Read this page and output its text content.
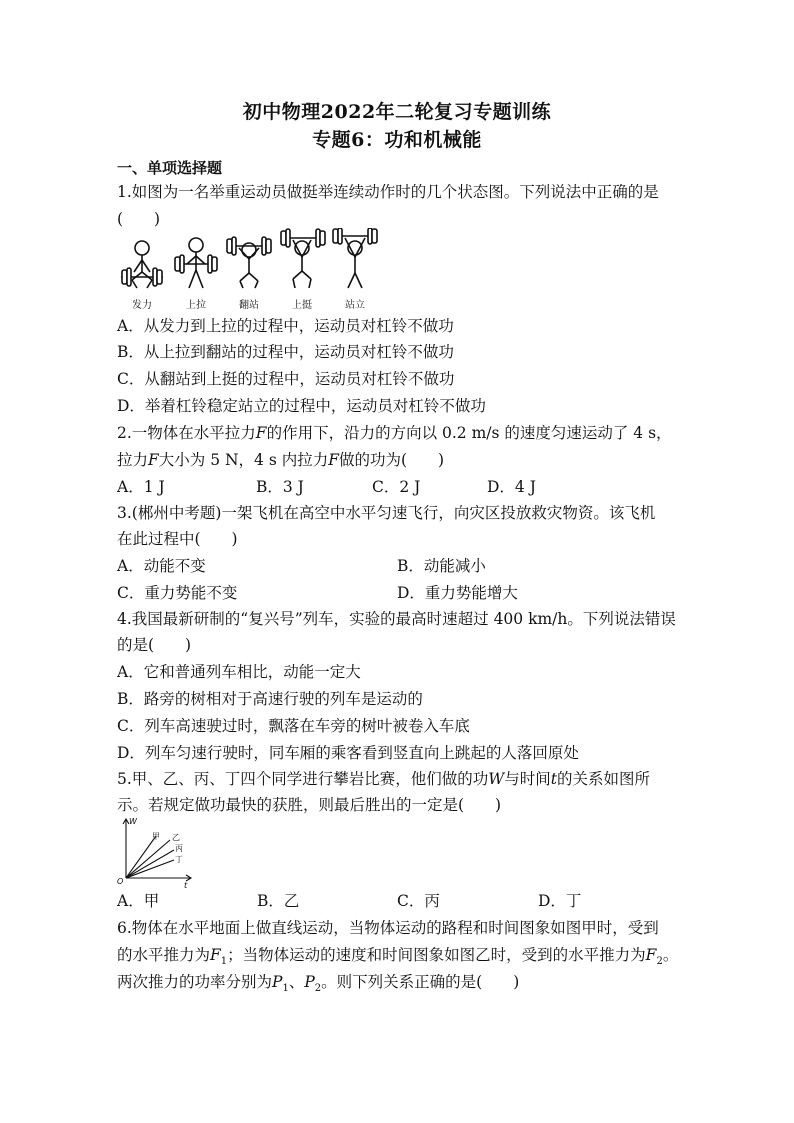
初中物理2022年二轮复习专题训练
专题6：功和机械能
一、单项选择题
1.如图为一名举重运动员做挺举连续动作时的几个状态图。下列说法中正确的是
(　　)
发力	上拉	翻站	上挺	站立
A．从发力到上拉的过程中，运动员对杠铃不做功
B．从上拉到翻站的过程中，运动员对杠铃不做功
C．从翻站到上挺的过程中，运动员对杠铃不做功
D．举着杠铃稳定站立的过程中，运动员对杠铃不做功
2.一物体在水平拉力F的作用下，沿力的方向以 0.2 m/s 的速度匀速运动了 4 s，
拉力F大小为 5 N，4 s 内拉力F做的功为(　　)
A．1 J	B．3 J	C．2 J	D．4 J
3.(郴州中考题)一架飞机在高空中水平匀速飞行，向灾区投放救灾物资。该飞机
在此过程中(　　)
A．动能不变	B．动能减小
C．重力势能不变	D．重力势能增大
4.我国最新研制的“复兴号”列车，实验的最高时速超过 400 km/h。下列说法错误
的是(　　)
A．它和普通列车相比，动能一定大
B．路旁的树相对于高速行驶的列车是运动的
C．列车高速驶过时，飘落在车旁的树叶被卷入车底
D．列车匀速行驶时，同车厢的乘客看到竖直向上跳起的人落回原处
5.甲、乙、丙、丁四个同学进行攀岩比赛，他们做的功W与时间t的关系如图所
示。若规定做功最快的获胜，则最后胜出的一定是(　　)
W
t
O
甲 乙
丙
丁
A．甲	B．乙	C．丙	D．丁
6.物体在水平地面上做直线运动，当物体运动的路程和时间图象如图甲时，受到
的水平推力为$F_1$；当物体运动的速度和时间图象如图乙时，受到的水平推力为$F_2$。
两次推力的功率分别为$P_1$、$P_2$。则下列关系正确的是(　　)
